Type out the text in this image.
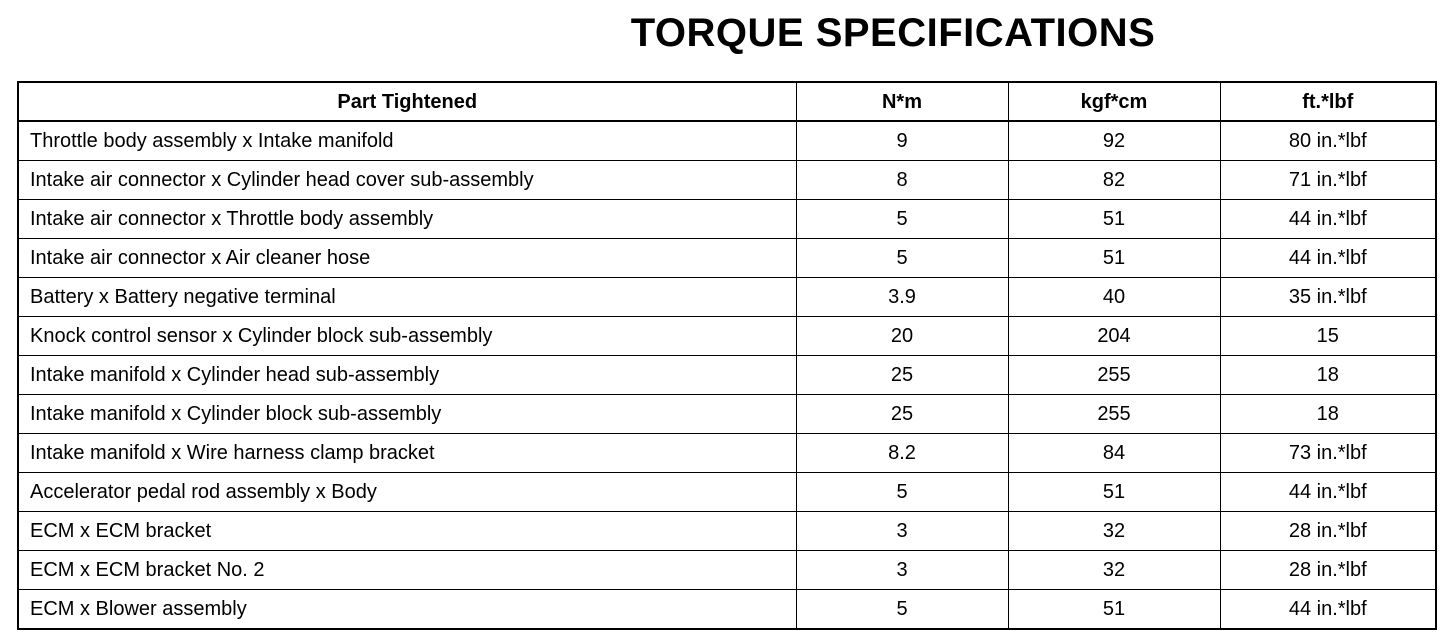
TORQUE SPECIFICATIONS
Part Tightened	N*m	kgf*cm	ft.*lbf
Throttle body assembly x Intake manifold	9	92	80 in.*lbf
Intake air connector x Cylinder head cover sub-assembly	8	82	71 in.*lbf
Intake air connector x Throttle body assembly	5	51	44 in.*lbf
Intake air connector x Air cleaner hose	5	51	44 in.*lbf
Battery x Battery negative terminal	3.9	40	35 in.*lbf
Knock control sensor x Cylinder block sub-assembly	20	204	15
Intake manifold x Cylinder head sub-assembly	25	255	18
Intake manifold x Cylinder block sub-assembly	25	255	18
Intake manifold x Wire harness clamp bracket	8.2	84	73 in.*lbf
Accelerator pedal rod assembly x Body	5	51	44 in.*lbf
ECM x ECM bracket	3	32	28 in.*lbf
ECM x ECM bracket No. 2	3	32	28 in.*lbf
ECM x Blower assembly	5	51	44 in.*lbf
